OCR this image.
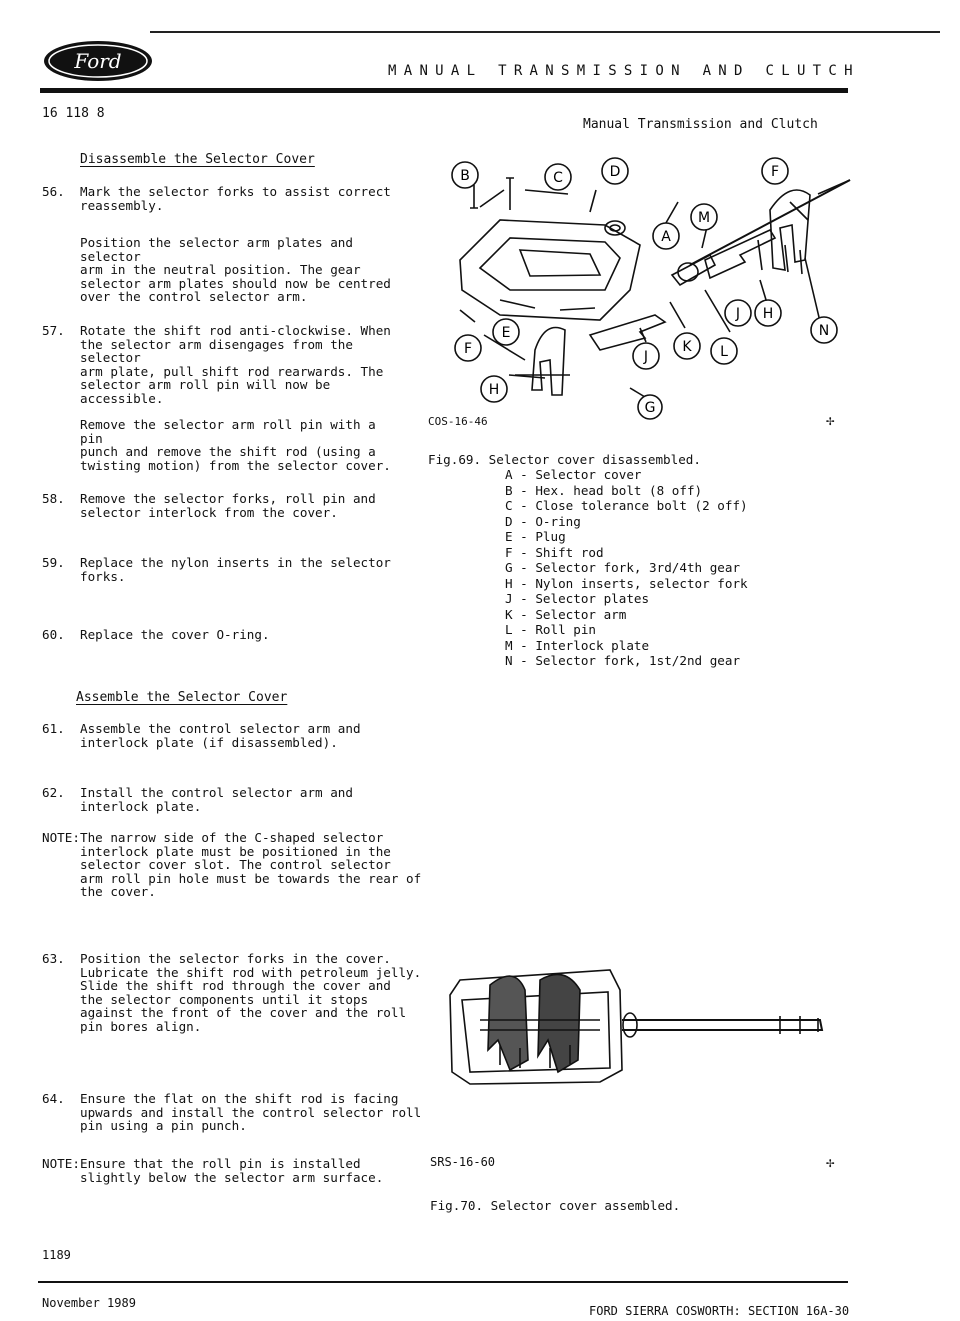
Ford	MANUAL TRANSMISSION AND CLUTCH
16 118 8
Manual Transmission and Clutch
Disassemble the Selector Cover
56. Mark the selector forks to assist correct
reassembly.
Position the selector arm plates and selector
arm in the neutral position. The gear
selector arm plates should now be centred
over the control selector arm.
57. Rotate the shift rod anti-clockwise. When
the selector arm disengages from the selector
arm plate, pull shift rod rearwards. The
selector arm roll pin will now be
accessible.
Remove the selector arm roll pin with a pin
punch and remove the shift rod (using a
twisting motion) from the selector cover.
58. Remove the selector forks, roll pin and
selector interlock from the cover.
59. Replace the nylon inserts in the selector
forks.
60. Replace the cover O-ring.
Assemble the Selector Cover
61. Assemble the control selector arm and
interlock plate (if disassembled).
62. Install the control selector arm and
interlock plate.
NOTE: The narrow side of the C-shaped selector
interlock plate must be positioned in the
selector cover slot. The control selector
arm roll pin hole must be towards the rear of
the cover.
63. Position the selector forks in the cover.
Lubricate the shift rod with petroleum jelly.
Slide the shift rod through the cover and
the selector components until it stops
against the front of the cover and the roll
pin bores align.
64. Ensure the flat on the shift rod is facing
upwards and install the control selector roll
pin using a pin punch.
NOTE: Ensure that the roll pin is installed
slightly below the selector arm surface.
B	C	D	F
M
A
E
F	K L
J H
N
J
H
G
COS-16-46	✢
Fig.69. Selector cover disassembled.
A - Selector cover
B - Hex. head bolt (8 off)
C - Close tolerance bolt (2 off)
D - O-ring
E - Plug
F - Shift rod
G - Selector fork, 3rd/4th gear
H - Nylon inserts, selector fork
J - Selector plates
K - Selector arm
L - Roll pin
M - Interlock plate
N - Selector fork, 1st/2nd gear
SRS-16-60	✢
Fig.70. Selector cover assembled.
1189
November 1989
FORD SIERRA COSWORTH: SECTION 16A-30
